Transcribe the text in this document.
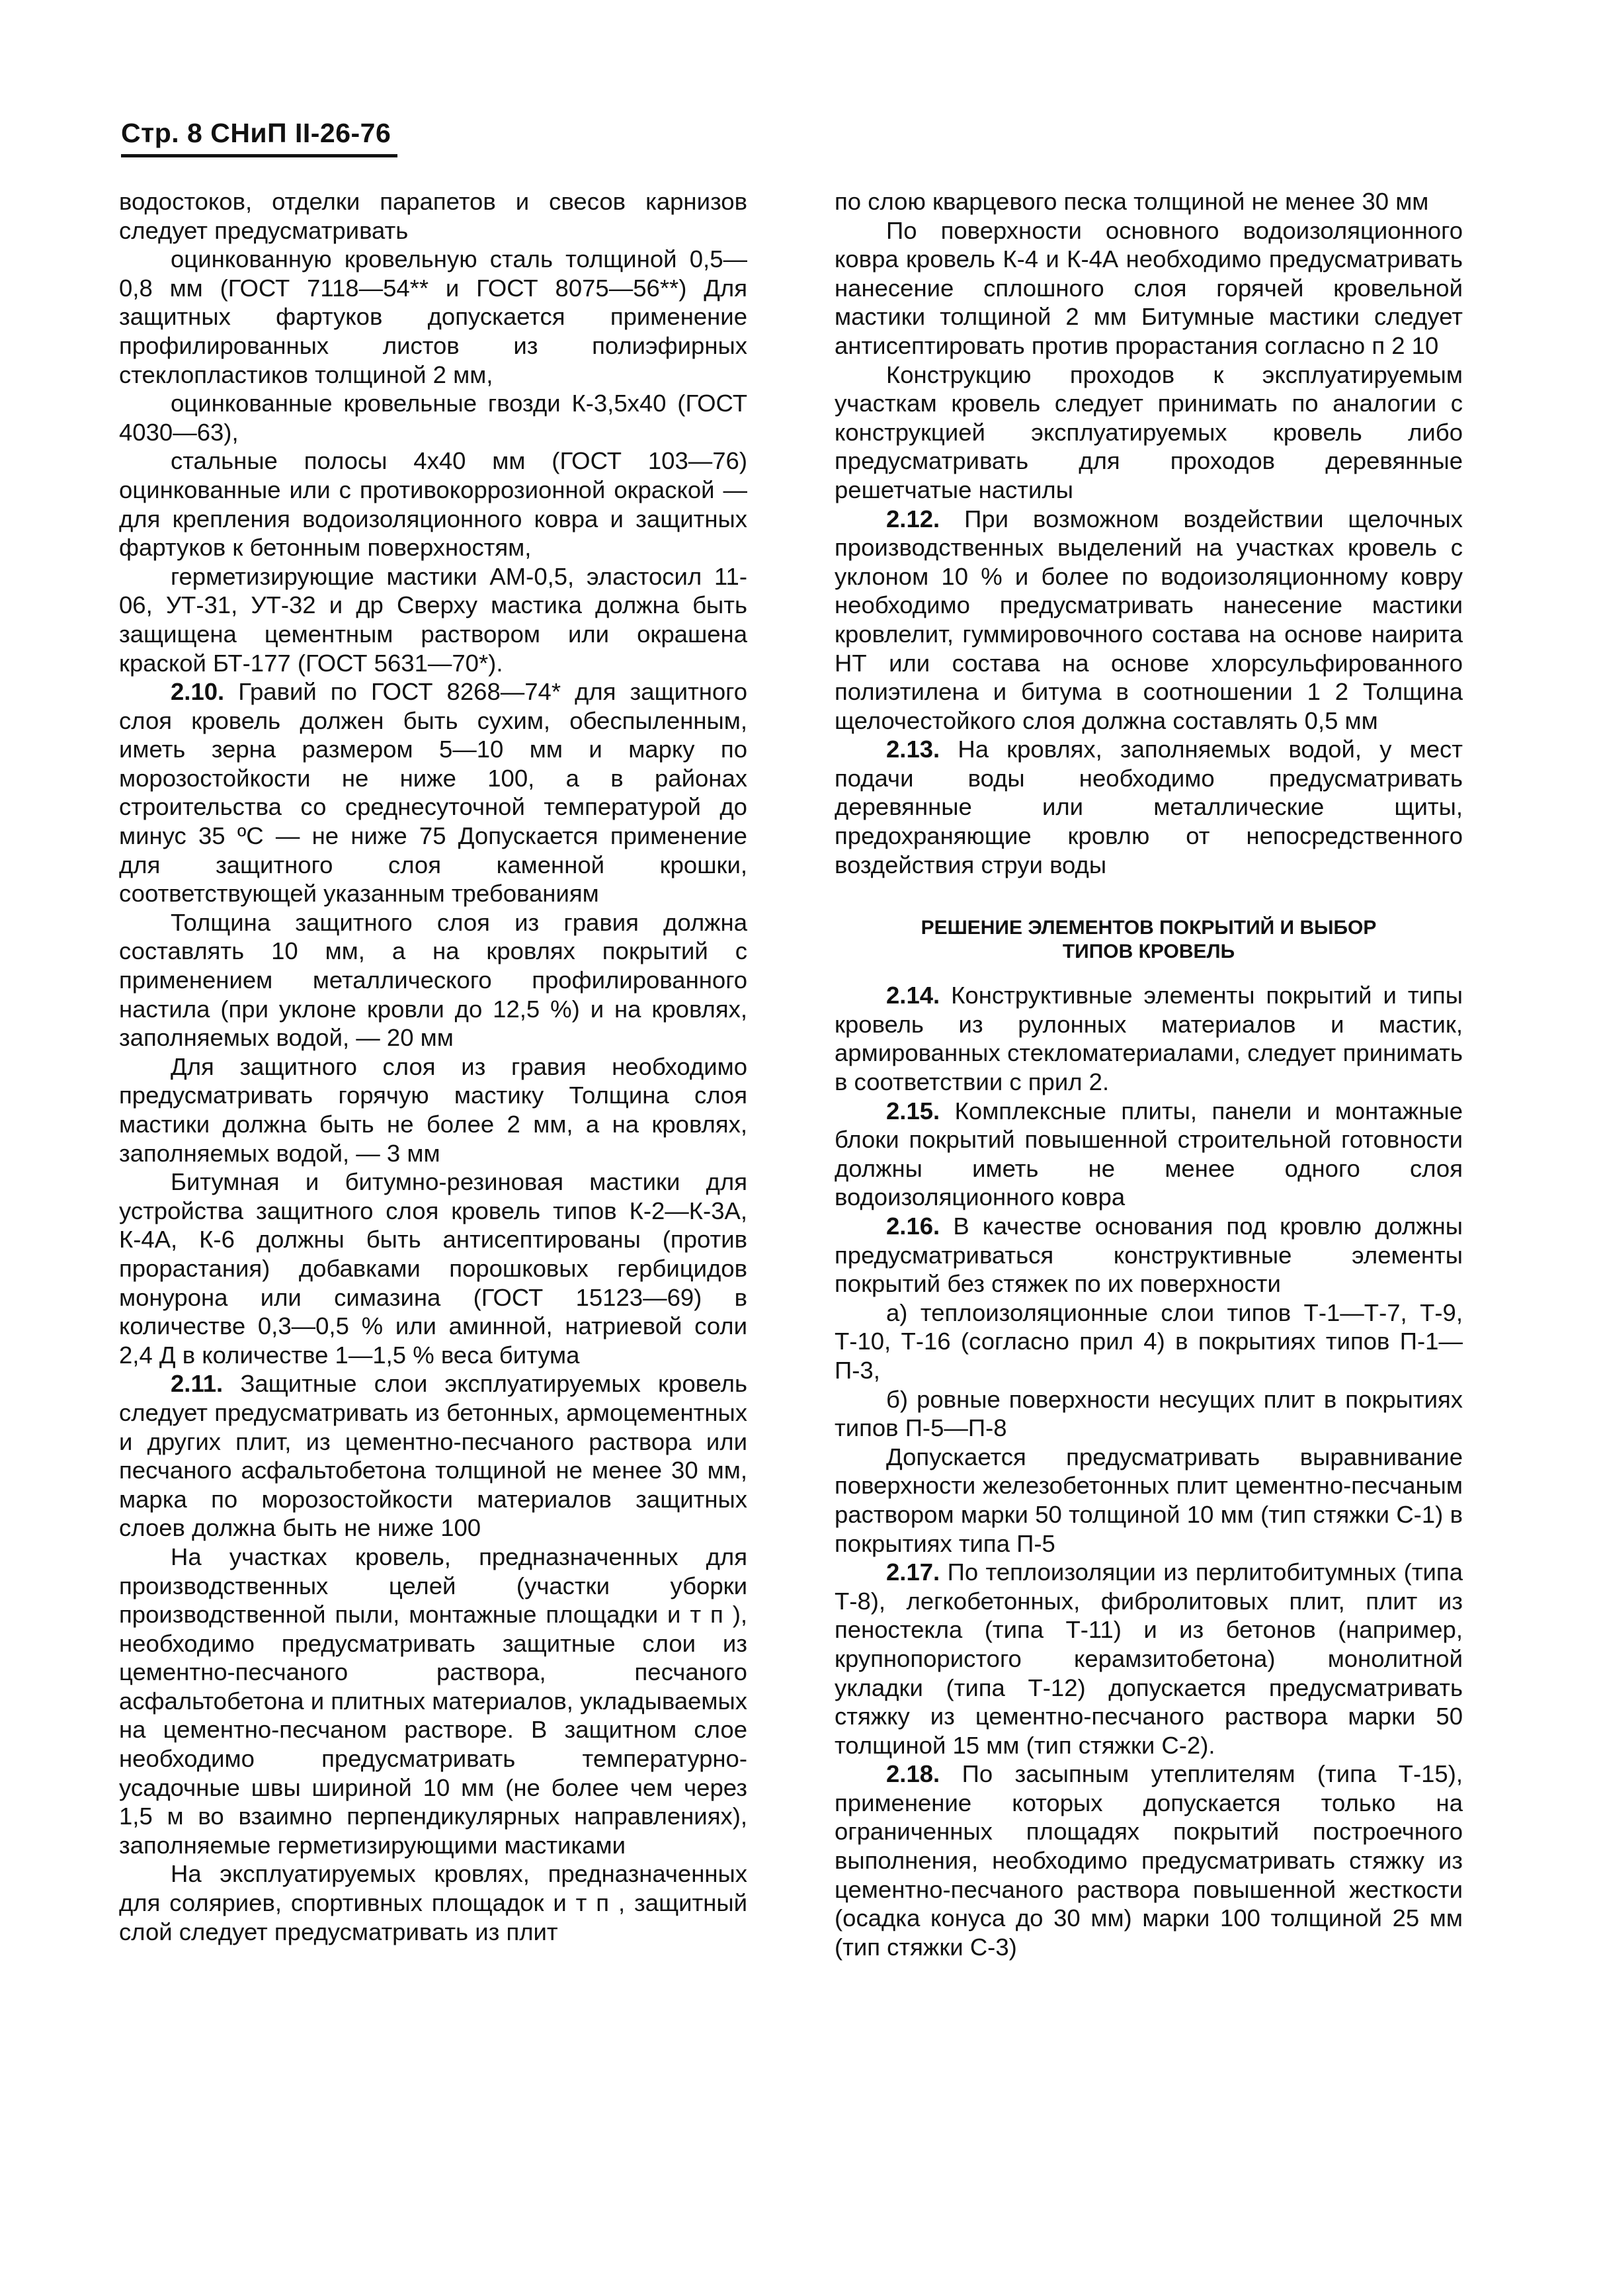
Стр. 8 СНиП II-26-76

водостоков, отделки парапетов и свесов карнизов следует предусматривать

оцинкованную кровельную сталь толщиной 0,5—0,8 мм (ГОСТ 7118—54** и ГОСТ 8075—56**) Для защитных фартуков допускается применение профилированных листов из полиэфирных стеклопластиков толщиной 2 мм,

оцинкованные кровельные гвозди К-3,5х40 (ГОСТ 4030—63),

стальные полосы 4х40 мм (ГОСТ 103—76) оцинкованные или с противокоррозионной окраской — для крепления водоизоляционного ковра и защитных фартуков к бетонным поверхностям,

герметизирующие мастики АМ-0,5, эластосил 11-06, УТ-31, УТ-32 и др Сверху мастика должна быть защищена цементным раствором или окрашена краской БТ-177 (ГОСТ 5631—70*).

2.10. Гравий по ГОСТ 8268—74* для защитного слоя кровель должен быть сухим, обеспыленным, иметь зерна размером 5—10 мм и марку по морозостойкости не ниже 100, а в районах строительства со среднесуточной температурой до минус 35 ºС — не ниже 75 Допускается применение для защитного слоя каменной крошки, соответствующей указанным требованиям

Толщина защитного слоя из гравия должна составлять 10 мм, а на кровлях покрытий с применением металлического профилированного настила (при уклоне кровли до 12,5 %) и на кровлях, заполняемых водой, — 20 мм

Для защитного слоя из гравия необходимо предусматривать горячую мастику Толщина слоя мастики должна быть не более 2 мм, а на кровлях, заполняемых водой, — 3 мм

Битумная и битумно-резиновая мастики для устройства защитного слоя кровель типов К-2—К-3А, К-4А, К-6 должны быть антисептированы (против прорастания) добавками порошковых гербицидов монурона или симазина (ГОСТ 15123—69) в количестве 0,3—0,5 % или аминной, натриевой соли 2,4 Д в количестве 1—1,5 % веса битума

2.11. Защитные слои эксплуатируемых кровель следует предусматривать из бетонных, армоцементных и других плит, из цементно-песчаного раствора или песчаного асфальтобетона толщиной не менее 30 мм, марка по морозостойкости материалов защитных слоев должна быть не ниже 100

На участках кровель, предназначенных для производственных целей (участки уборки производственной пыли, монтажные площадки и т п ), необходимо предусматривать защитные слои из цементно-песчаного раствора, песчаного асфальтобетона и плитных материалов, укладываемых на цементно-песчаном растворе. В защитном слое необходимо предусматривать температурно-усадочные швы шириной 10 мм (не более чем через 1,5 м во взаимно перпендикулярных направлениях), заполняемые герметизирующими мастиками

На эксплуатируемых кровлях, предназначенных для соляриев, спортивных площадок и т п , защитный слой следует предусматривать из плит

по слою кварцевого песка толщиной не менее 30 мм

По поверхности основного водоизоляционного ковра кровель К-4 и К-4А необходимо предусматривать нанесение сплошного слоя горячей кровельной мастики толщиной 2 мм Битумные мастики следует антисептировать против прорастания согласно п 2 10

Конструкцию проходов к эксплуатируемым участкам кровель следует принимать по аналогии с конструкцией эксплуатируемых кровель либо предусматривать для проходов деревянные решетчатые настилы

2.12. При возможном воздействии щелочных производственных выделений на участках кровель с уклоном 10 % и более по водоизоляционному ковру необходимо предусматривать нанесение мастики кровлелит, гуммировочного состава на основе наирита НТ или состава на основе хлорсульфированного полиэтилена и битума в соотношении 1 2 Толщина щелочестойкого слоя должна составлять 0,5 мм

2.13. На кровлях, заполняемых водой, у мест подачи воды необходимо предусматривать деревянные или металлические щиты, предохраняющие кровлю от непосредственного воздействия струи воды

РЕШЕНИЕ ЭЛЕМЕНТОВ ПОКРЫТИЙ И ВЫБОР
ТИПОВ КРОВЕЛЬ

2.14. Конструктивные элементы покрытий и типы кровель из рулонных материалов и мастик, армированных стекломатериалами, следует принимать в соответствии с прил 2.

2.15. Комплексные плиты, панели и монтажные блоки покрытий повышенной строительной готовности должны иметь не менее одного слоя водоизоляционного ковра

2.16. В качестве основания под кровлю должны предусматриваться конструктивные элементы покрытий без стяжек по их поверхности

а) теплоизоляционные слои типов Т-1—Т-7, Т-9, Т-10, Т-16 (согласно прил 4) в покрытиях типов П-1—П-3,

б) ровные поверхности несущих плит в покрытиях типов П-5—П-8

Допускается предусматривать выравнивание поверхности железобетонных плит цементно-песчаным раствором марки 50 толщиной 10 мм (тип стяжки С-1) в покрытиях типа П-5

2.17. По теплоизоляции из перлитобитумных (типа Т-8), легкобетонных, фибролитовых плит, плит из пеностекла (типа Т-11) и из бетонов (например, крупнопористого керамзитобетона) монолитной укладки (типа Т-12) допускается предусматривать стяжку из цементно-песчаного раствора марки 50 толщиной 15 мм (тип стяжки С-2).

2.18. По засыпным утеплителям (типа Т-15), применение которых допускается только на ограниченных площадях покрытий построечного выполнения, необходимо предусматривать стяжку из цементно-песчаного раствора повышенной жесткости (осадка конуса до 30 мм) марки 100 толщиной 25 мм (тип стяжки С-3)
